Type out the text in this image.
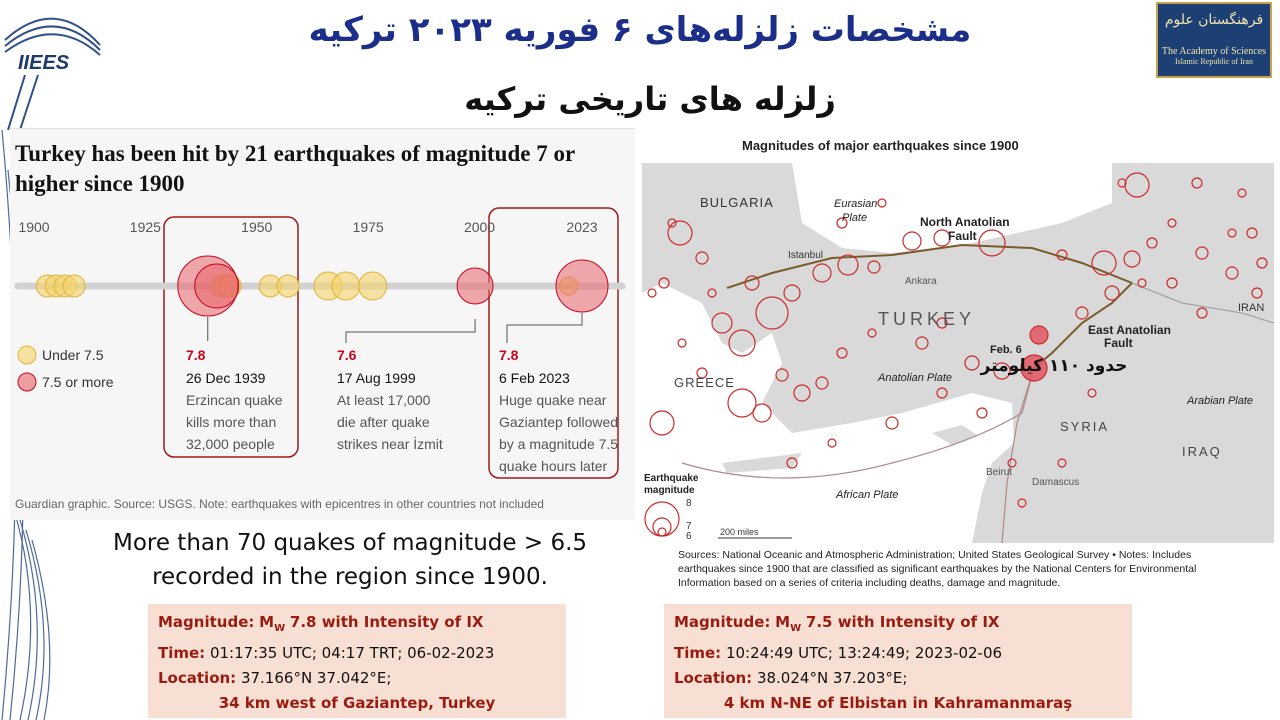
IIEES
مشخصات زلزله‌های ۶ فوریه ۲۰۲۳ ترکیه
زلزله های تاریخی ترکیه
فرهنگستان علوم
The Academy of Sciences
Islamic Republic of Iran
Turkey has been hit by 21 earthquakes of magnitude 7 or higher since 1900
1900	1925	1950	1975	2000	2023
7.8
26 Dec 1939
Erzincan quake
kills more than
32,000 people
7.6
17 Aug 1999
At least 17,000
die after quake
strikes near İzmit
7.8
6 Feb 2023
Huge quake near
Gaziantep followed
by a magnitude 7.5
quake hours later
Under 7.5
7.5 or more
Guardian graphic. Source: USGS. Note: earthquakes with epicentres in other countries not included
Magnitudes of major earthquakes since 1900
BULGARIA	Eurasian
Plate	North Anatolian
Fault
Istanbul
Ankara
TURKEY
East Anatolian
Fault
Feb. 6
GREECE	Anatolian Plate
Arabian Plate
IRAN
SYRIA
IRAQ
Beirut
Damascus
African Plate
حدود ۱۱۰ کیلومتر
Earthquake
magnitude
8
7
6	200 miles
Sources: National Oceanic and Atmospheric Administration; United States Geological Survey • Notes: Includes earthquakes since 1900 that are classified as significant earthquakes by the National Centers for Environmental Information based on a series of criteria including deaths, damage and magnitude.
More than 70 quakes of magnitude > 6.5 recorded in the region since 1900.
Magnitude: $M_W$ 7.8 with Intensity of IX
Time: 01:17:35 UTC; 04:17 TRT; 06-02-2023
Location: 37.166°N 37.042°E;
34 km west of Gaziantep, Turkey
Magnitude: $M_W$ 7.5 with Intensity of IX
Time: 10:24:49 UTC; 13:24:49; 2023-02-06
Location: 38.024°N 37.203°E;
4 km N-NE of Elbistan in Kahramanmaraş
